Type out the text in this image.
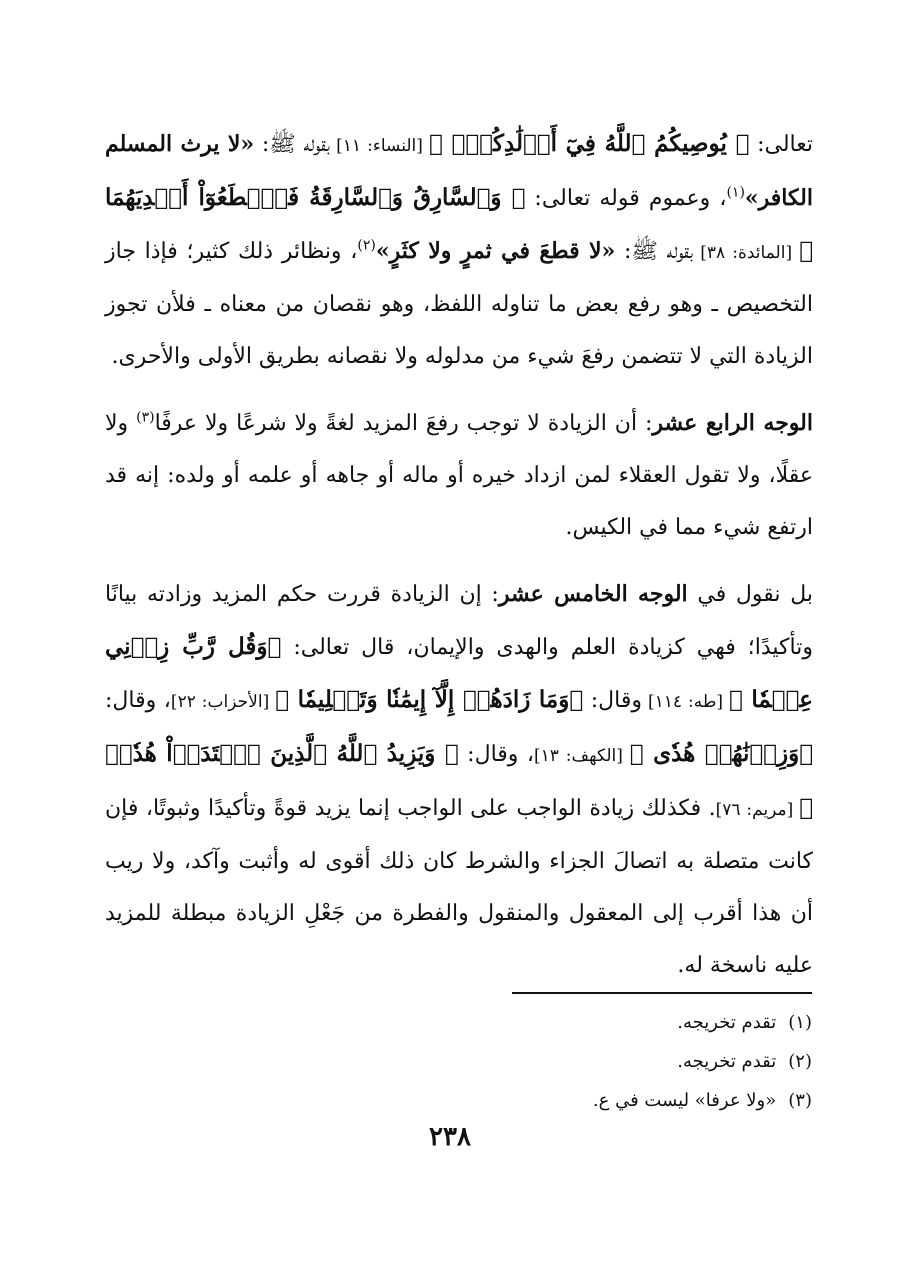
تعالى: ﴿ يُوصِيكُمُ ٱللَّهُ فِيٓ أَوۡلَٰدِكُمۡۖ ﴾ [النساء: ١١] بقوله ﷺ: «لا يرث المسلم الكافر»$^{(١)}$، وعموم قوله تعالى: ﴿ وَٱلسَّارِقُ وَٱلسَّارِقَةُ فَٱقۡطَعُوٓاْ أَيۡدِيَهُمَا ﴾ [المائدة: ٣٨] بقوله ﷺ: «لا قطعَ في ثمرٍ ولا كثَرٍ»$^{(٢)}$، ونظائر ذلك كثير؛ فإذا جاز التخصيص ـ وهو رفع بعض ما تناوله اللفظ، وهو نقصان من معناه ـ فلأن تجوز الزيادة التي لا تتضمن رفعَ شيء من مدلوله ولا نقصانه بطريق الأولى والأحرى.

الوجه الرابع عشر: أن الزيادة لا توجب رفعَ المزيد لغةً ولا شرعًا ولا عرفًا$^{(٣)}$ ولا عقلًا، ولا تقول العقلاء لمن ازداد خيره أو ماله أو جاهه أو علمه أو ولده: إنه قد ارتفع شيء مما في الكيس.

بل نقول في الوجه الخامس عشر: إن الزيادة قررت حكم المزيد وزادته بيانًا وتأكيدًا؛ فهي كزيادة العلم والهدى والإيمان، قال تعالى: ﴿وَقُل رَّبِّ زِدۡنِي عِلۡمٗا ﴾ [طه: ١١٤] وقال: ﴿وَمَا زَادَهُمۡ إِلَّآ إِيمَٰنٗا وَتَسۡلِيمٗا ﴾ [الأحزاب: ٢٢]، وقال: ﴿وَزِدۡنَٰهُمۡ هُدٗى ﴾ [الكهف: ١٣]، وقال: ﴿ وَيَزِيدُ ٱللَّهُ ٱلَّذِينَ ٱهۡتَدَوۡاْ هُدٗىۗ ﴾ [مريم: ٧٦]. فكذلك زيادة الواجب على الواجب إنما يزيد قوةً وتأكيدًا وثبوتًا، فإن كانت متصلة به اتصالَ الجزاء والشرط كان ذلك أقوى له وأثبت وآكد، ولا ريب أن هذا أقرب إلى المعقول والمنقول والفطرة من جَعْلِ الزيادة مبطلة للمزيد عليه ناسخة له.

(١)تقدم تخريجه.
(٢)تقدم تخريجه.
(٣)«ولا عرفا» ليست في ع.
٢٣٨
